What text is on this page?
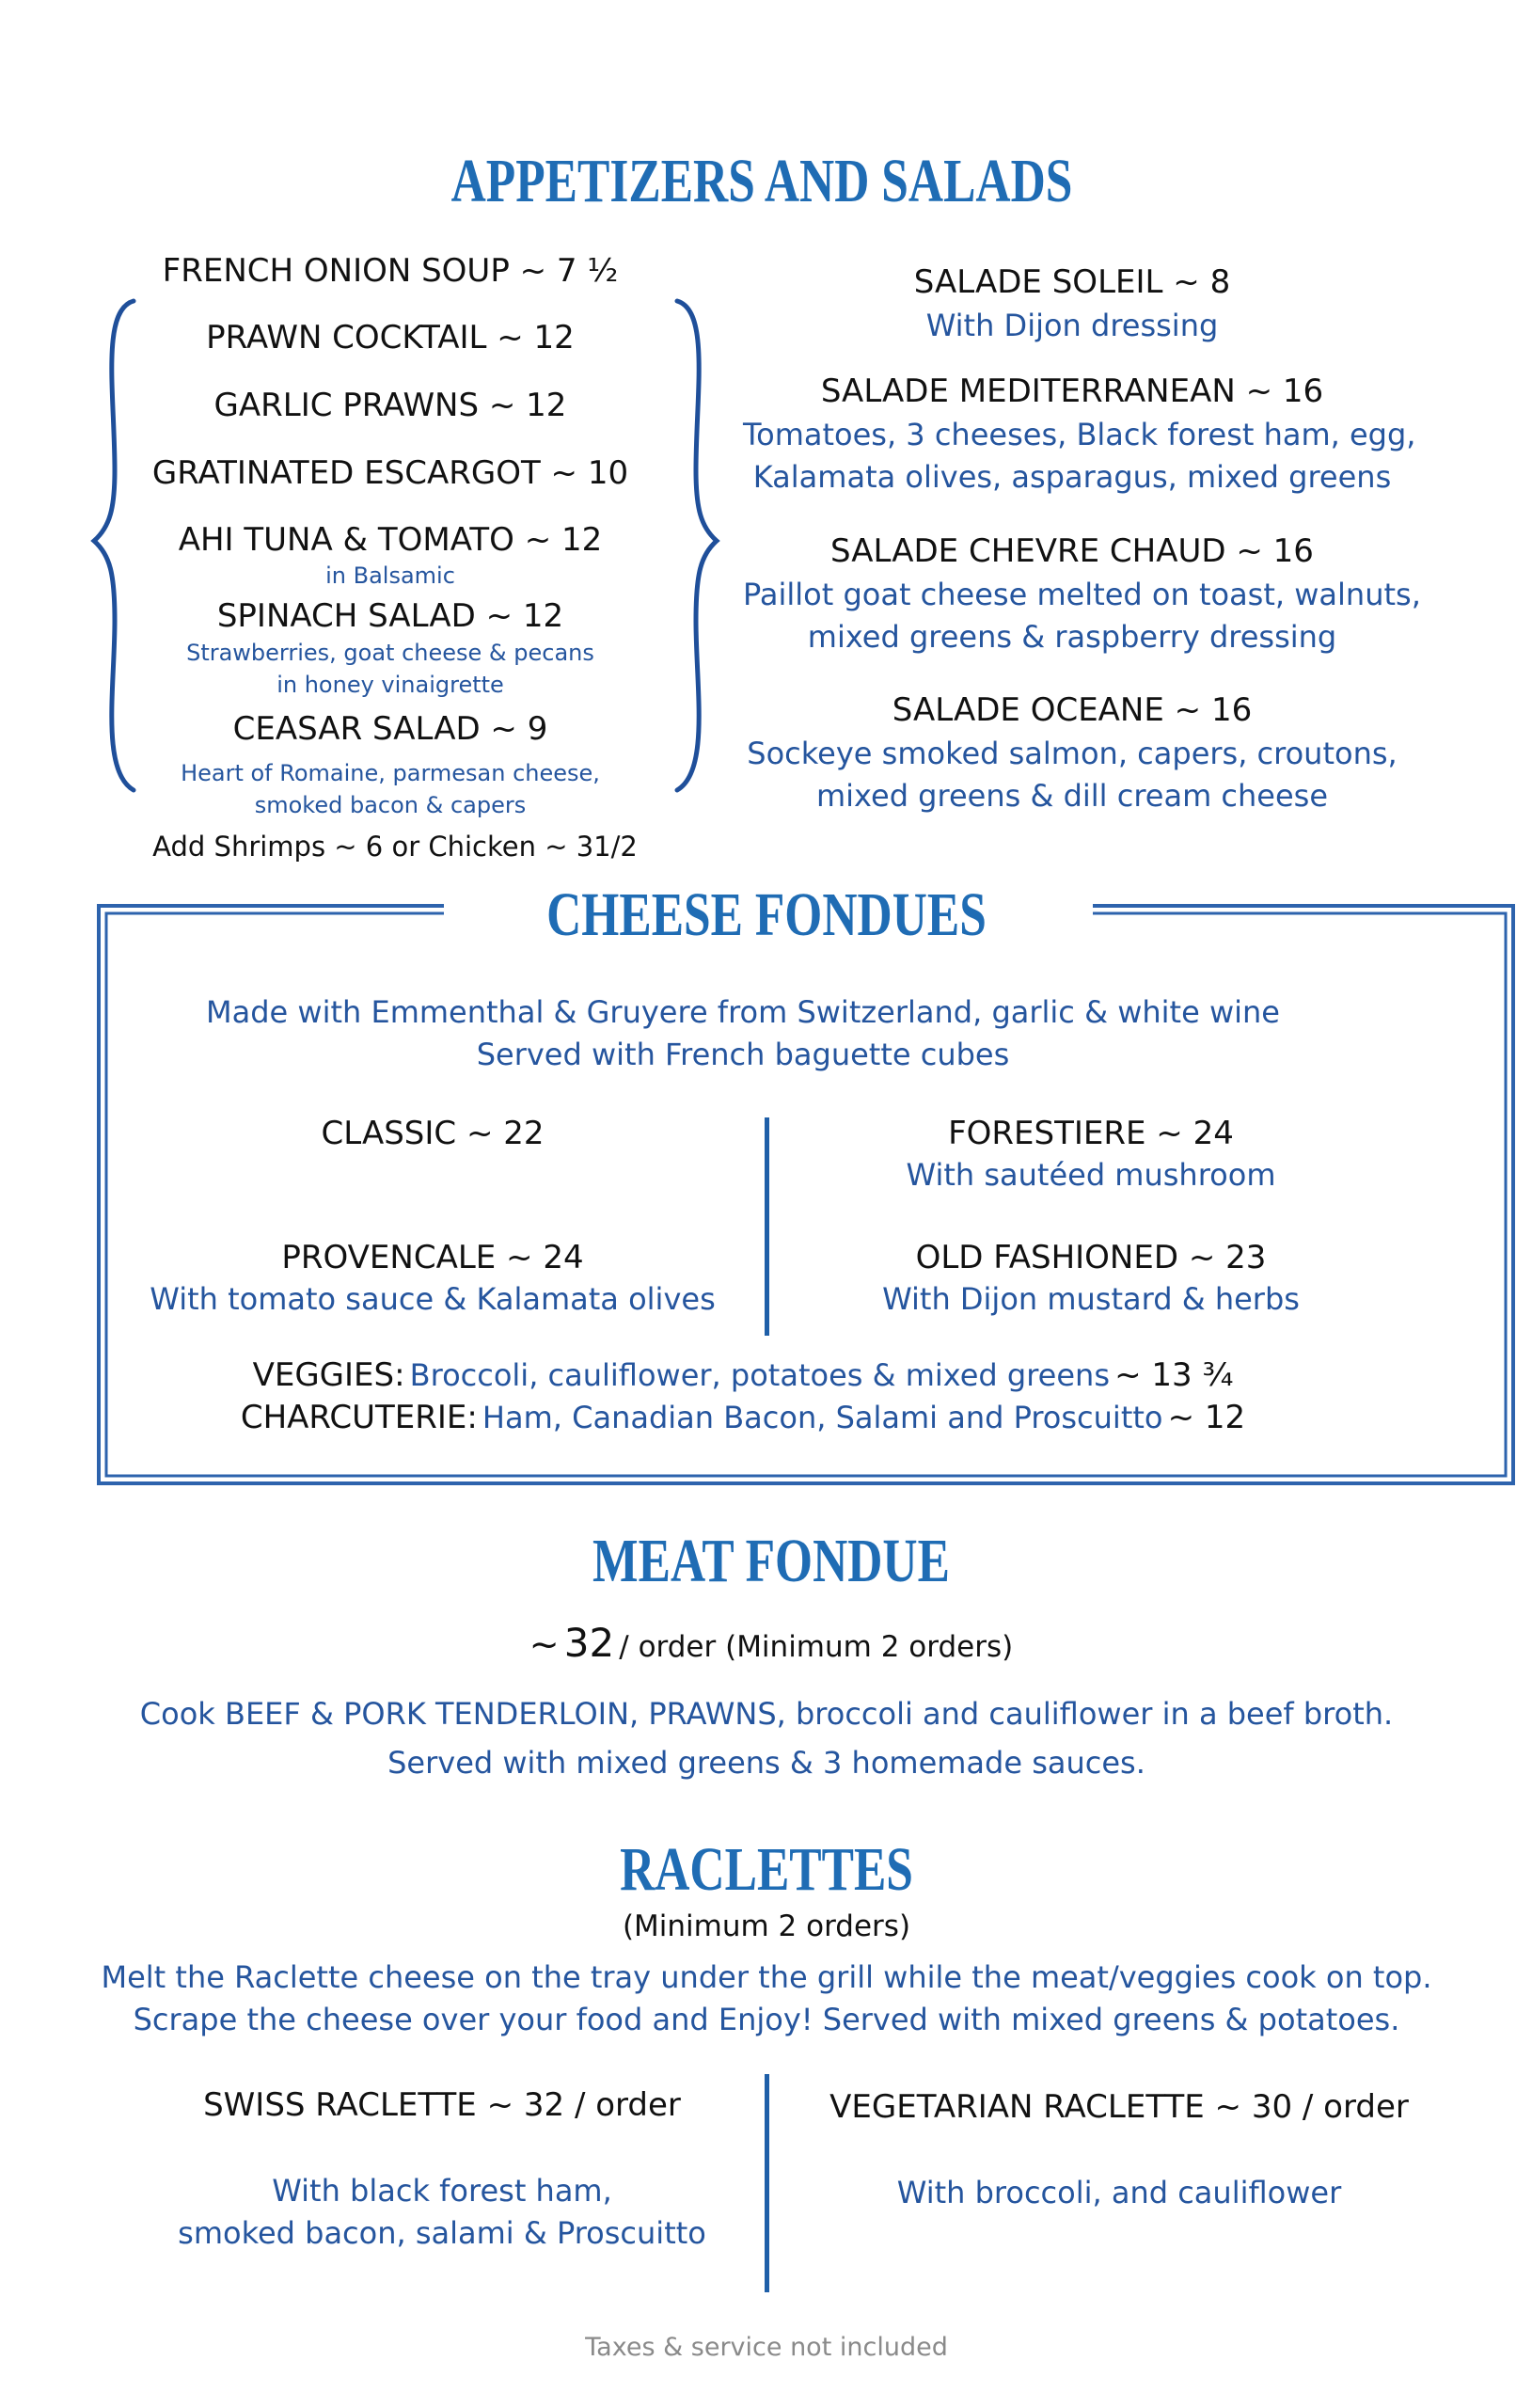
APPETIZERS AND SALADS
FRENCH ONION SOUP ~ 7 ½
PRAWN COCKTAIL ~ 12
GARLIC PRAWNS ~ 12
GRATINATED ESCARGOT ~ 10
AHI TUNA & TOMATO ~ 12
in Balsamic
SPINACH SALAD ~ 12
Strawberries, goat cheese & pecans
in honey vinaigrette
CEASAR SALAD ~ 9
Heart of Romaine, parmesan cheese,
smoked bacon & capers
Add Shrimps ~ 6 or Chicken ~ 31/2
SALADE SOLEIL ~ 8
With Dijon dressing
SALADE MEDITERRANEAN ~ 16
Tomatoes, 3 cheeses, Black forest ham, egg,
Kalamata olives, asparagus, mixed greens
SALADE CHEVRE CHAUD ~ 16
Paillot goat cheese melted on toast, walnuts,
mixed greens & raspberry dressing
SALADE OCEANE ~ 16
Sockeye smoked salmon, capers, croutons,
mixed greens & dill cream cheese
CHEESE FONDUES
Made with Emmenthal & Gruyere from Switzerland, garlic & white wine
Served with French baguette cubes
CLASSIC ~ 22	FORESTIERE ~ 24
With sautéed mushroom
PROVENCALE ~ 24
With tomato sauce & Kalamata olives
OLD FASHIONED ~ 23
With Dijon mustard & herbs
VEGGIES: Broccoli, cauliflower, potatoes & mixed greens ~ 13 ¾
CHARCUTERIE: Ham, Canadian Bacon, Salami and Proscuitto ~ 12
MEAT FONDUE
~ 32 / order (Minimum 2 orders)
Cook BEEF & PORK TENDERLOIN, PRAWNS, broccoli and cauliflower in a beef broth.
Served with mixed greens & 3 homemade sauces.
RACLETTES
(Minimum 2 orders)
Melt the Raclette cheese on the tray under the grill while the meat/veggies cook on top.
Scrape the cheese over your food and Enjoy! Served with mixed greens & potatoes.
SWISS RACLETTE ~ 32 / order
With black forest ham,
smoked bacon, salami & Proscuitto
VEGETARIAN RACLETTE ~ 30 / order
With broccoli, and cauliflower
Taxes & service not included
